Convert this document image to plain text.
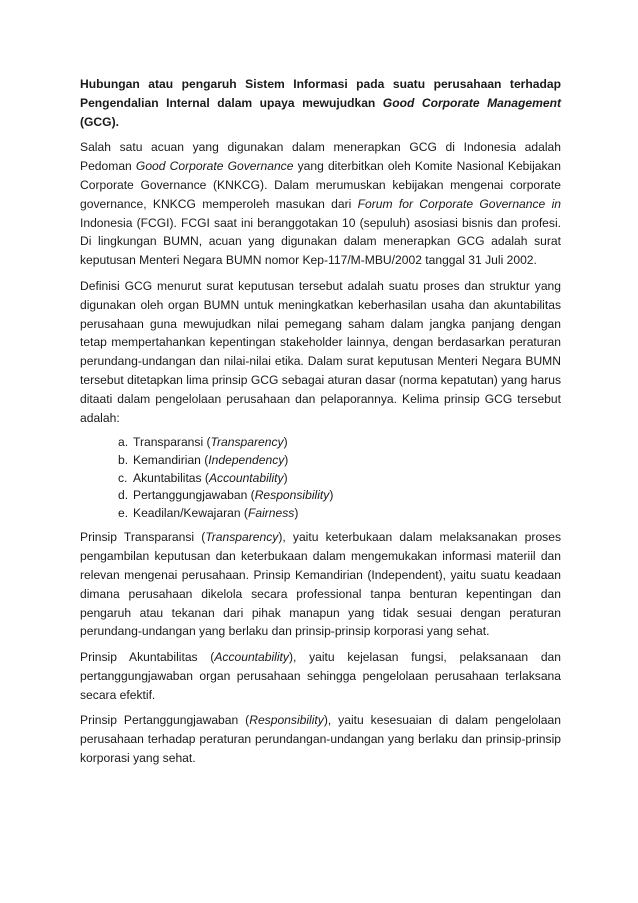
Hubungan atau pengaruh Sistem Informasi pada suatu perusahaan terhadap Pengendalian Internal dalam upaya mewujudkan Good Corporate Management (GCG).

Salah satu acuan yang digunakan dalam menerapkan GCG di Indonesia adalah Pedoman Good Corporate Governance yang diterbitkan oleh Komite Nasional Kebijakan Corporate Governance (KNKCG). Dalam merumuskan kebijakan mengenai corporate governance, KNKCG memperoleh masukan dari Forum for Corporate Governance in Indonesia (FCGI). FCGI saat ini beranggotakan 10 (sepuluh) asosiasi bisnis dan profesi. Di lingkungan BUMN, acuan yang digunakan dalam menerapkan GCG adalah surat keputusan Menteri Negara BUMN nomor Kep-117/M-MBU/2002 tanggal 31 Juli 2002.

Definisi GCG menurut surat keputusan tersebut adalah suatu proses dan struktur yang digunakan oleh organ BUMN untuk meningkatkan keberhasilan usaha dan akuntabilitas perusahaan guna mewujudkan nilai pemegang saham dalam jangka panjang dengan tetap mempertahankan kepentingan stakeholder lainnya, dengan berdasarkan peraturan perundang-undangan dan nilai-nilai etika. Dalam surat keputusan Menteri Negara BUMN tersebut ditetapkan lima prinsip GCG sebagai aturan dasar (norma kepatutan) yang harus ditaati dalam pengelolaan perusahaan dan pelaporannya. Kelima prinsip GCG tersebut adalah:

a. Transparansi (Transparency)
b. Kemandirian (Independency)
c. Akuntabilitas (Accountability)
d. Pertanggungjawaban (Responsibility)
e. Keadilan/Kewajaran (Fairness)

Prinsip Transparansi (Transparency), yaitu keterbukaan dalam melaksanakan proses pengambilan keputusan dan keterbukaan dalam mengemukakan informasi materiil dan relevan mengenai perusahaan. Prinsip Kemandirian (Independent), yaitu suatu keadaan dimana perusahaan dikelola secara professional tanpa benturan kepentingan dan pengaruh atau tekanan dari pihak manapun yang tidak sesuai dengan peraturan perundang-undangan yang berlaku dan prinsip-prinsip korporasi yang sehat.

Prinsip Akuntabilitas (Accountability), yaitu kejelasan fungsi, pelaksanaan dan pertanggungjawaban organ perusahaan sehingga pengelolaan perusahaan terlaksana secara efektif.

Prinsip Pertanggungjawaban (Responsibility), yaitu kesesuaian di dalam pengelolaan perusahaan terhadap peraturan perundangan-undangan yang berlaku dan prinsip-prinsip korporasi yang sehat.
